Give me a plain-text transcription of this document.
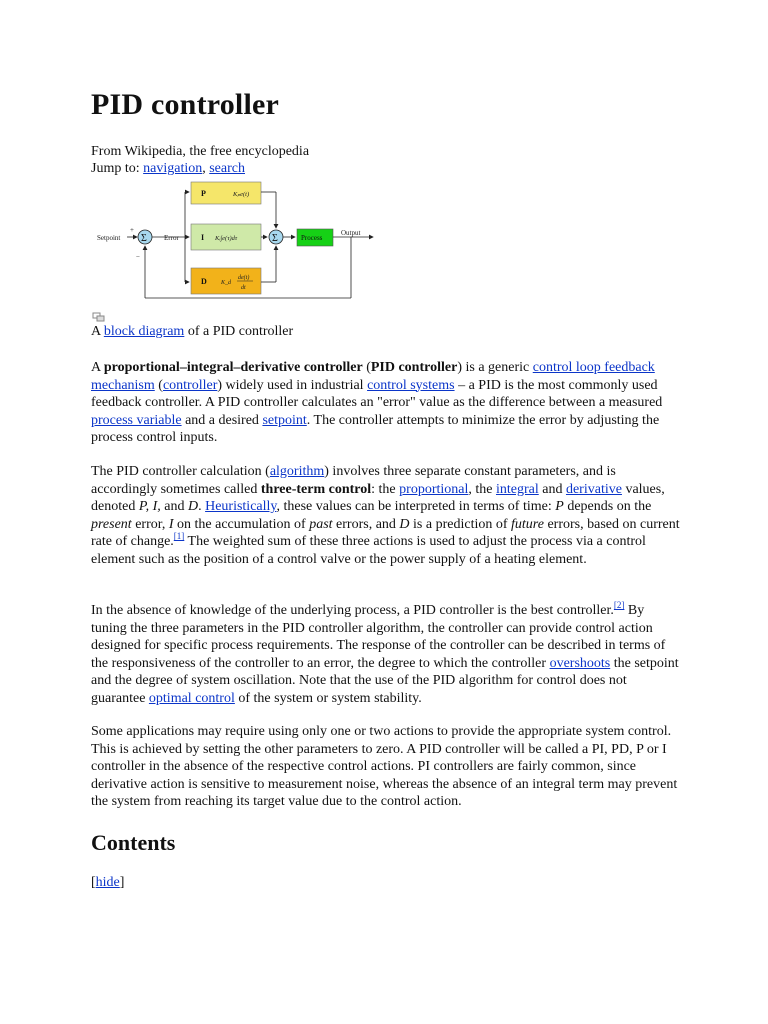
PID controller
From Wikipedia, the free encyclopedia
Jump to: navigation, search
Setpoint
+
Σ
−
Error
P	Kₚe(t)
I Kᵢ∫e(τ)dτ
D K_d
de(t)
dt
Σ	Process
Output
A block diagram of a PID controller

A proportional–integral–derivative controller (PID controller) is a generic control loop feedback mechanism (controller) widely used in industrial control systems – a PID is the most commonly used feedback controller. A PID controller calculates an "error" value as the difference between a measured process variable and a desired setpoint. The controller attempts to minimize the error by adjusting the process control inputs.

The PID controller calculation (algorithm) involves three separate constant parameters, and is accordingly sometimes called three-term control: the proportional, the integral and derivative values, denoted P, I, and D. Heuristically, these values can be interpreted in terms of time: P depends on the present error, I on the accumulation of past errors, and D is a prediction of future errors, based on current rate of change.[1] The weighted sum of these three actions is used to adjust the process via a control element such as the position of a control valve or the power supply of a heating element.

In the absence of knowledge of the underlying process, a PID controller is the best controller.[2] By tuning the three parameters in the PID controller algorithm, the controller can provide control action designed for specific process requirements. The response of the controller can be described in terms of the responsiveness of the controller to an error, the degree to which the controller overshoots the setpoint and the degree of system oscillation. Note that the use of the PID algorithm for control does not guarantee optimal control of the system or system stability.

Some applications may require using only one or two actions to provide the appropriate system control. This is achieved by setting the other parameters to zero. A PID controller will be called a PI, PD, P or I controller in the absence of the respective control actions. PI controllers are fairly common, since derivative action is sensitive to measurement noise, whereas the absence of an integral term may prevent the system from reaching its target value due to the control action.

Contents
[hide]
